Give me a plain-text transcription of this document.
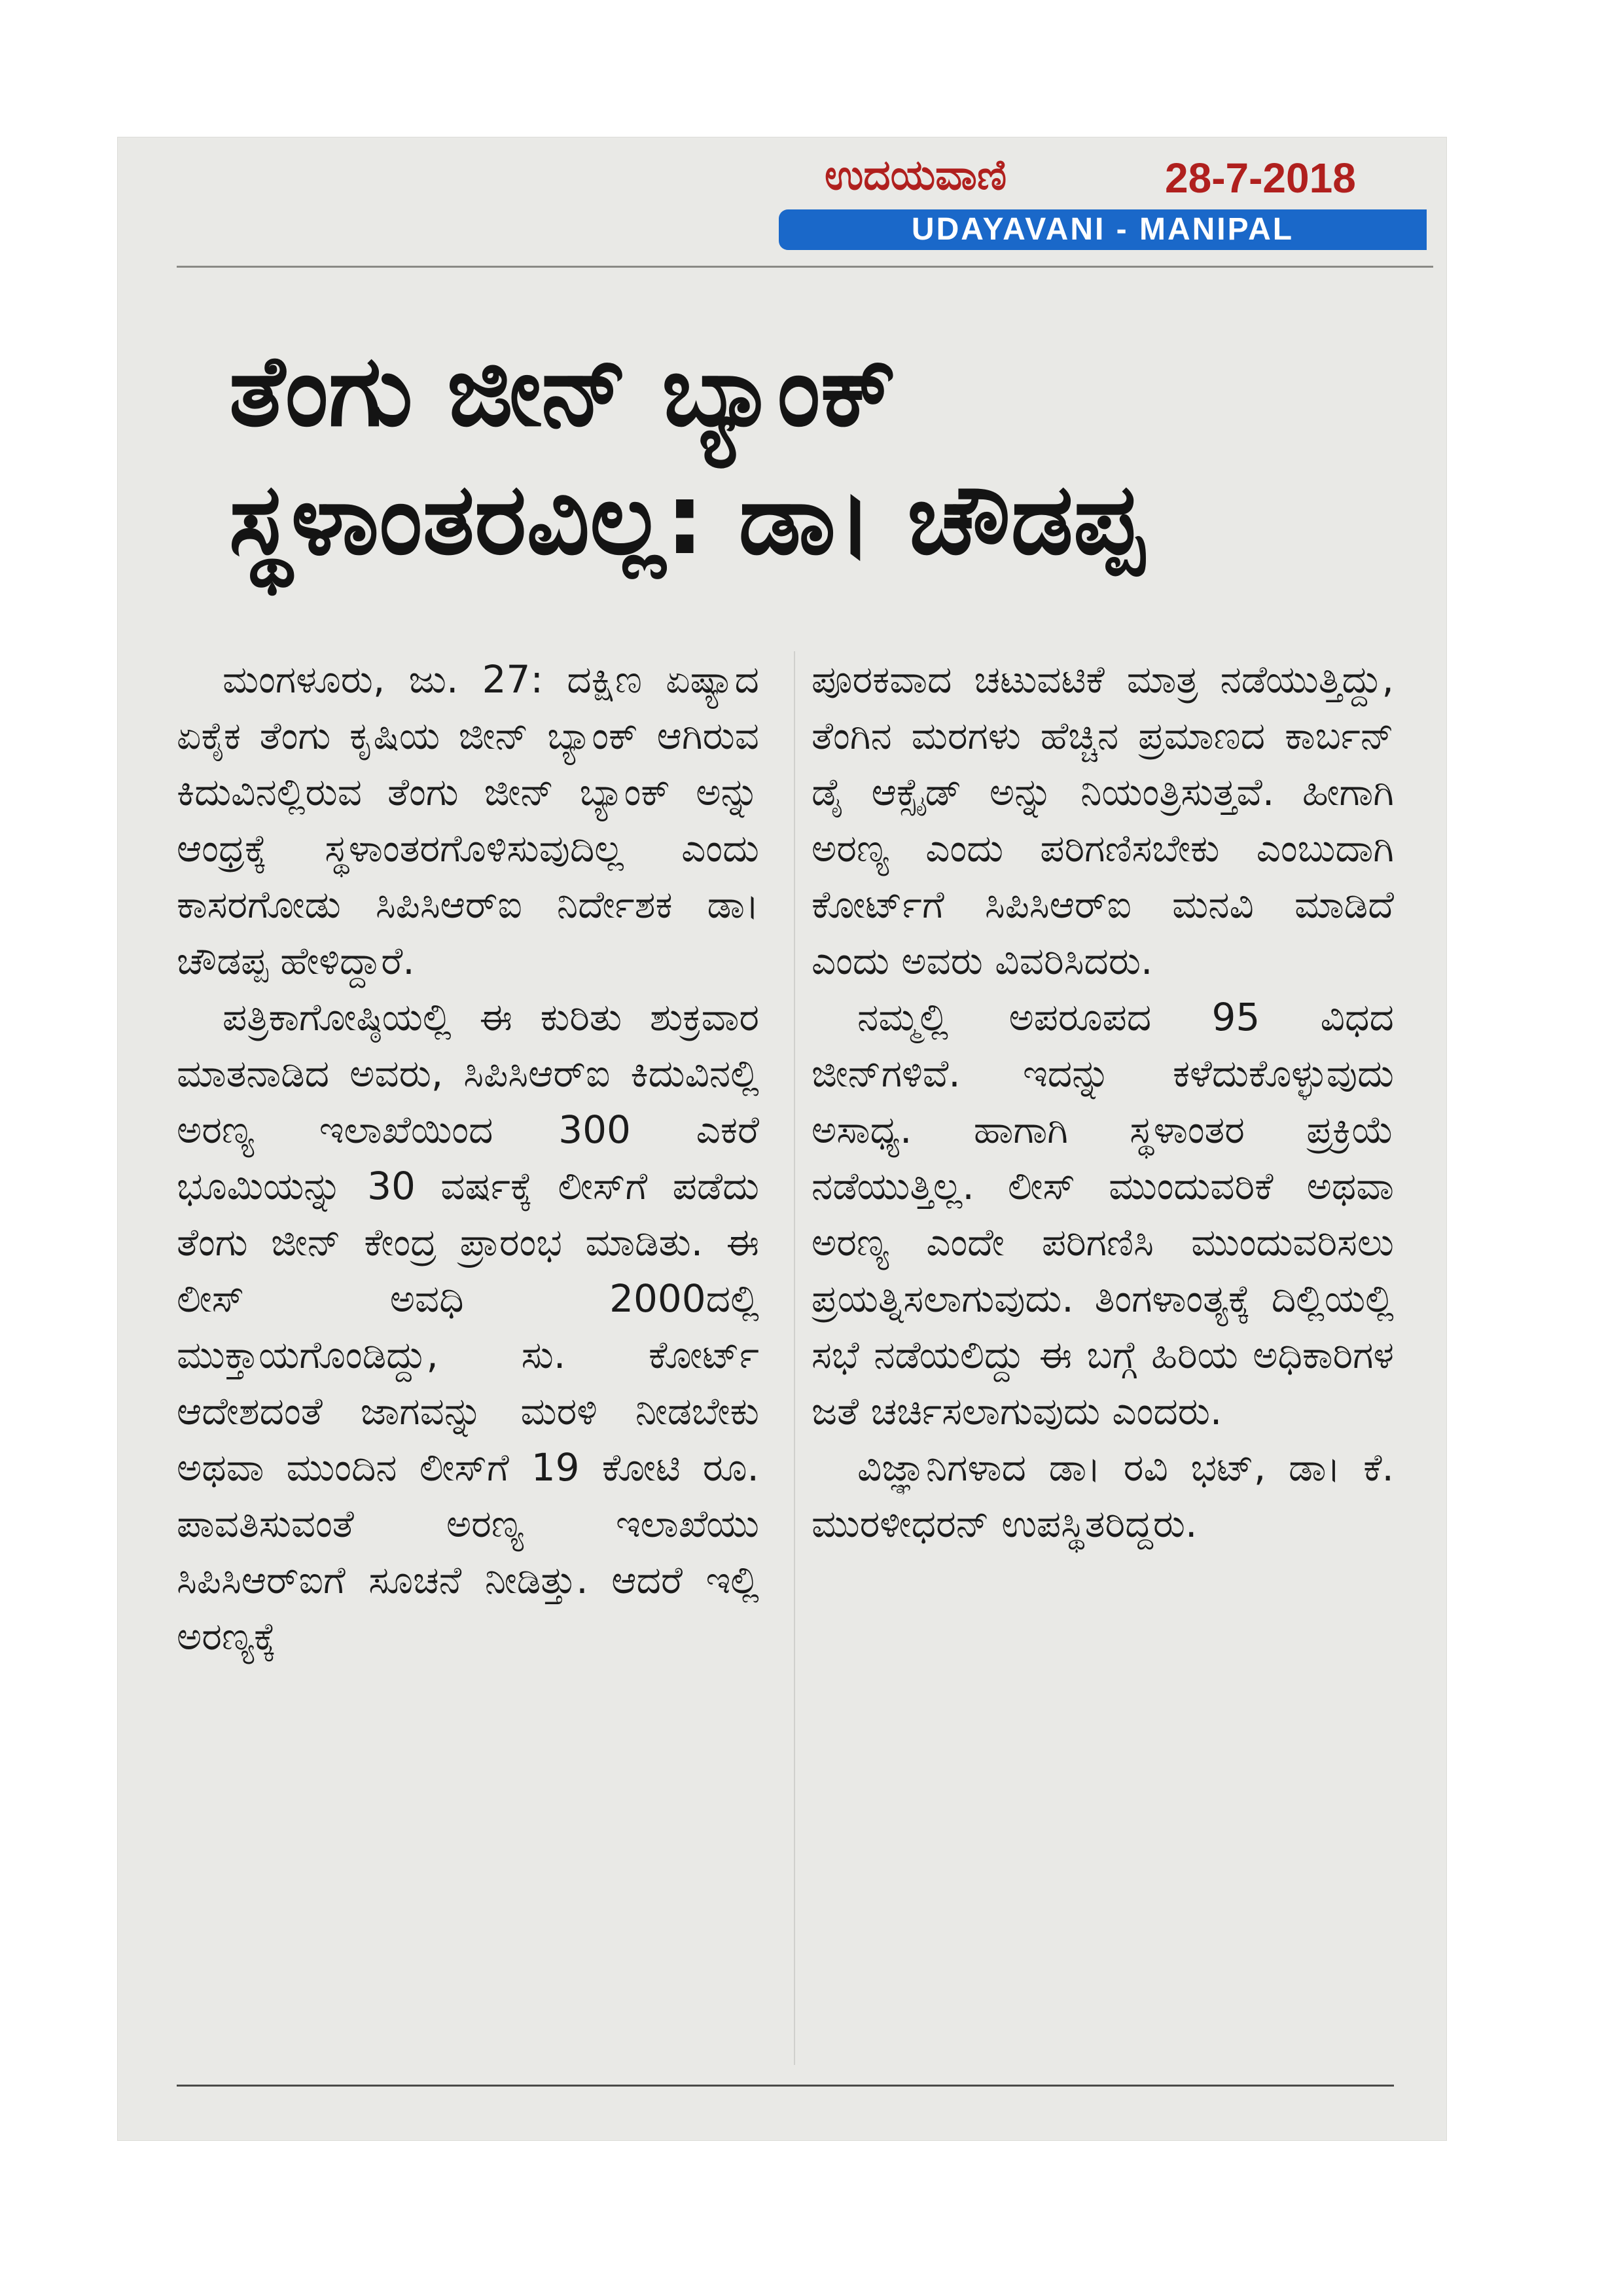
ಉದಯವಾಣಿ	28-7-2018
UDAYAVANI - MANIPAL
ತೆಂಗು ಜೀನ್ ಬ್ಯಾಂಕ್
ಸ್ಥಳಾಂತರವಿಲ್ಲ: ಡಾ। ಚೌಡಪ್ಪ

ಮಂಗಳೂರು, ಜು. 27: ದಕ್ಷಿಣ ಏಷ್ಯಾದ ಏಕೈಕ ತೆಂಗು ಕೃಷಿಯ ಜೀನ್ ಬ್ಯಾಂಕ್ ಆಗಿರುವ ಕಿದುವಿನಲ್ಲಿರುವ ತೆಂಗು ಜೀನ್ ಬ್ಯಾಂಕ್ ಅನ್ನು ಆಂಧ್ರಕ್ಕೆ ಸ್ಥಳಾಂತರಗೊಳಿಸುವುದಿಲ್ಲ ಎಂದು ಕಾಸರಗೋಡು ಸಿಪಿಸಿಆರ್‌ಐ ನಿರ್ದೇಶಕ ಡಾ। ಚೌಡಪ್ಪ ಹೇಳಿದ್ದಾರೆ.

ಪತ್ರಿಕಾಗೋಷ್ಠಿಯಲ್ಲಿ ಈ ಕುರಿತು ಶುಕ್ರವಾರ ಮಾತನಾಡಿದ ಅವರು, ಸಿಪಿಸಿಆರ್‌ಐ ಕಿದುವಿನಲ್ಲಿ ಅರಣ್ಯ ಇಲಾಖೆಯಿಂದ 300 ಎಕರೆ ಭೂಮಿಯನ್ನು 30 ವರ್ಷಕ್ಕೆ ಲೀಸ್‌ಗೆ ಪಡೆದು ತೆಂಗು ಜೀನ್ ಕೇಂದ್ರ ಪ್ರಾರಂಭ ಮಾಡಿತು. ಈ ಲೀಸ್ ಅವಧಿ 2000ದಲ್ಲಿ ಮುಕ್ತಾಯಗೊಂಡಿದ್ದು, ಸು. ಕೋರ್ಟ್ ಆದೇಶದಂತೆ ಜಾಗವನ್ನು ಮರಳಿ ನೀಡಬೇಕು ಅಥವಾ ಮುಂದಿನ ಲೀಸ್‌ಗೆ 19 ಕೋಟಿ ರೂ. ಪಾವತಿಸುವಂತೆ ಅರಣ್ಯ ಇಲಾಖೆಯು ಸಿಪಿಸಿಆರ್‌ಐಗೆ ಸೂಚನೆ ನೀಡಿತ್ತು. ಆದರೆ ಇಲ್ಲಿ ಅರಣ್ಯಕ್ಕೆ

ಪೂರಕವಾದ ಚಟುವಟಿಕೆ ಮಾತ್ರ ನಡೆಯುತ್ತಿದ್ದು, ತೆಂಗಿನ ಮರಗಳು ಹೆಚ್ಚಿನ ಪ್ರಮಾಣದ ಕಾರ್ಬನ್ ಡೈ ಆಕ್ಸೈಡ್ ಅನ್ನು ನಿಯಂತ್ರಿಸುತ್ತವೆ. ಹೀಗಾಗಿ ಅರಣ್ಯ ಎಂದು ಪರಿಗಣಿಸಬೇಕು ಎಂಬುದಾಗಿ ಕೋರ್ಟ್‌ಗೆ ಸಿಪಿಸಿಆರ್‌ಐ ಮನವಿ ಮಾಡಿದೆ ಎಂದು ಅವರು ವಿವರಿಸಿದರು.

ನಮ್ಮಲ್ಲಿ ಅಪರೂಪದ 95 ವಿಧದ ಜೀನ್‌ಗಳಿವೆ. ಇದನ್ನು ಕಳೆದುಕೊಳ್ಳುವುದು ಅಸಾಧ್ಯ. ಹಾಗಾಗಿ ಸ್ಥಳಾಂತರ ಪ್ರಕ್ರಿಯೆ ನಡೆಯುತ್ತಿಲ್ಲ. ಲೀಸ್ ಮುಂದುವರಿಕೆ ಅಥವಾ ಅರಣ್ಯ ಎಂದೇ ಪರಿಗಣಿಸಿ ಮುಂದುವರಿಸಲು ಪ್ರಯತ್ನಿಸಲಾಗುವುದು. ತಿಂಗಳಾಂತ್ಯಕ್ಕೆ ದಿಲ್ಲಿಯಲ್ಲಿ ಸಭೆ ನಡೆಯಲಿದ್ದು ಈ ಬಗ್ಗೆ ಹಿರಿಯ ಅಧಿಕಾರಿಗಳ ಜತೆ ಚರ್ಚಿಸಲಾಗುವುದು ಎಂದರು.

ವಿಜ್ಞಾನಿಗಳಾದ ಡಾ। ರವಿ ಭಟ್, ಡಾ। ಕೆ. ಮುರಳೀಧರನ್ ಉಪಸ್ಥಿತರಿದ್ದರು.
